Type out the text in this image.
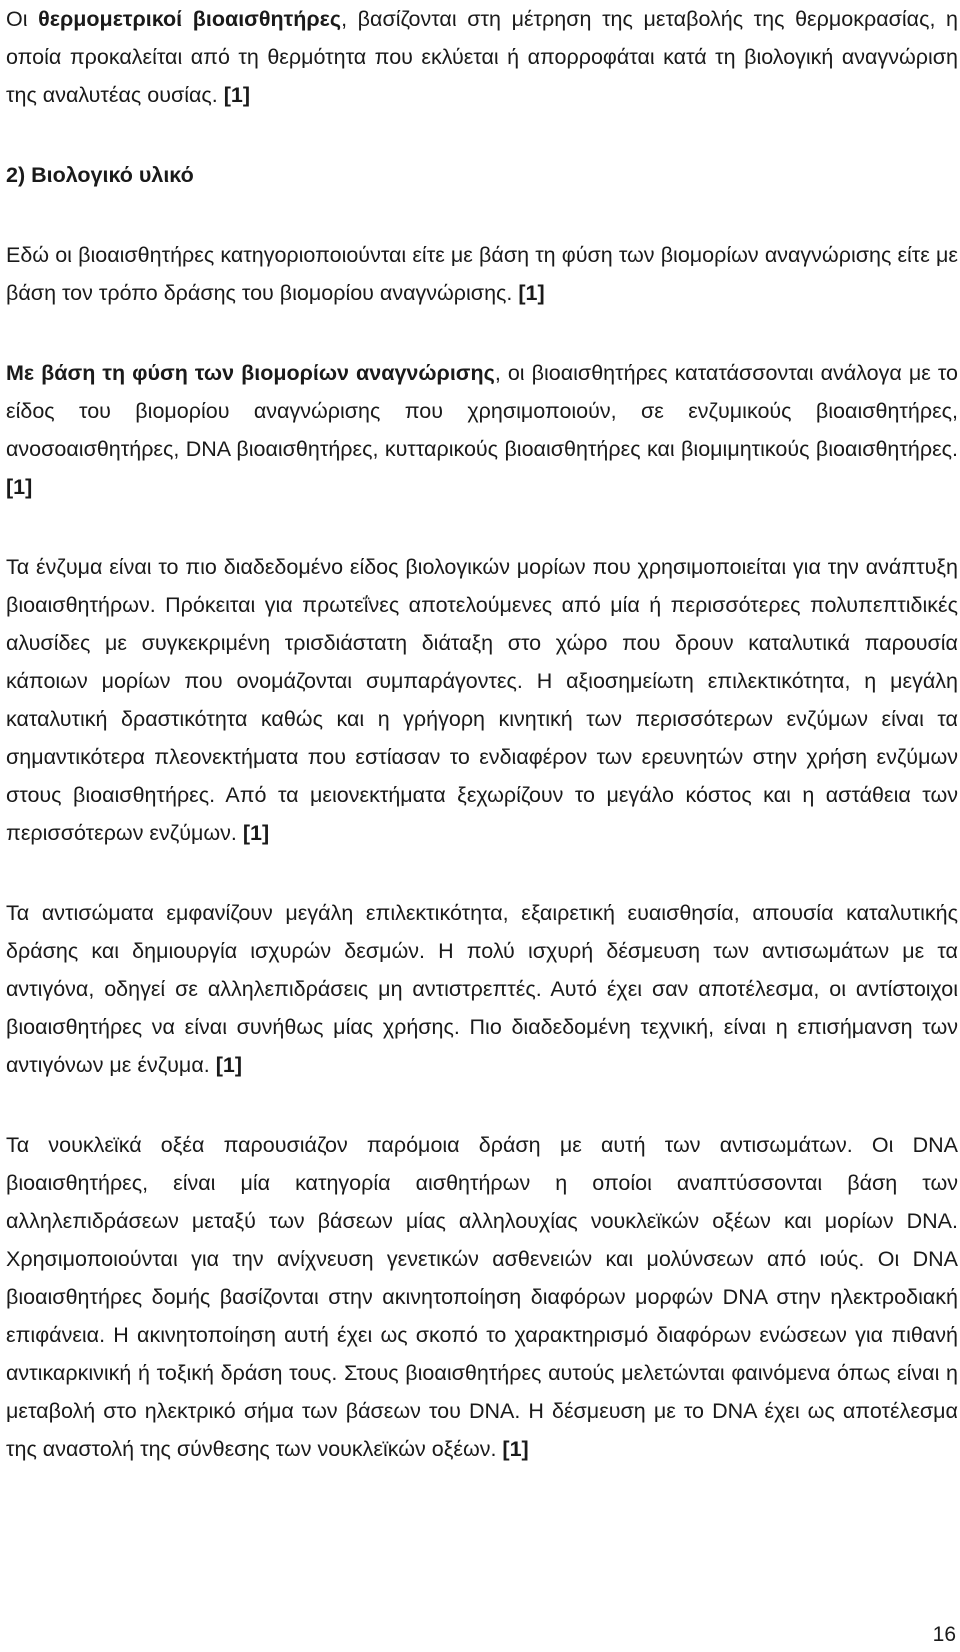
Οι θερμομετρικοί βιοαισθητήρες, βασίζονται στη μέτρηση της μεταβολής της θερμοκρασίας, η οποία προκαλείται από τη θερμότητα που εκλύεται ή απορροφάται κατά τη βιολογική αναγνώριση της αναλυτέας ουσίας. [1]

2) Βιολογικό υλικό

Εδώ οι βιοαισθητήρες κατηγοριοποιούνται είτε με βάση τη φύση των βιομορίων αναγνώρισης είτε με βάση τον τρόπο δράσης του βιομορίου αναγνώρισης. [1]

Με βάση τη φύση των βιομορίων αναγνώρισης, οι βιοαισθητήρες κατατάσσονται ανάλογα με το είδος του βιομορίου αναγνώρισης που χρησιμοποιούν, σε ενζυμικούς βιοαισθητήρες, ανοσοαισθητήρες, DNA βιοαισθητήρες, κυτταρικούς βιοαισθητήρες και βιομιμητικούς βιοαισθητήρες. [1]

Τα ένζυμα είναι το πιο διαδεδομένο είδος βιολογικών μορίων που χρησιμοποιείται για την ανάπτυξη βιοαισθητήρων. Πρόκειται για πρωτεΐνες αποτελούμενες από μία ή περισσότερες πολυπεπτιδικές αλυσίδες με συγκεκριμένη τρισδιάστατη διάταξη στο χώρο που δρουν καταλυτικά παρουσία κάποιων μορίων που ονομάζονται συμπαράγοντες. Η αξιοσημείωτη επιλεκτικότητα, η μεγάλη καταλυτική δραστικότητα καθώς και η γρήγορη κινητική των περισσότερων ενζύμων είναι τα σημαντικότερα πλεονεκτήματα που εστίασαν το ενδιαφέρον των ερευνητών στην χρήση ενζύμων στους βιοαισθητήρες. Από τα μειονεκτήματα ξεχωρίζουν το μεγάλο κόστος και η αστάθεια των περισσότερων ενζύμων. [1]

Τα αντισώματα εμφανίζουν μεγάλη επιλεκτικότητα, εξαιρετική ευαισθησία, απουσία καταλυτικής δράσης και δημιουργία ισχυρών δεσμών. Η πολύ ισχυρή δέσμευση των αντισωμάτων με τα αντιγόνα, οδηγεί σε αλληλεπιδράσεις μη αντιστρεπτές. Αυτό έχει σαν αποτέλεσμα, οι αντίστοιχοι βιοαισθητήρες να είναι συνήθως μίας χρήσης. Πιο διαδεδομένη τεχνική, είναι η επισήμανση των αντιγόνων με ένζυμα. [1]

Τα νουκλεϊκά οξέα παρουσιάζον παρόμοια δράση με αυτή των αντισωμάτων. Οι DNA βιοαισθητήρες, είναι μία κατηγορία αισθητήρων η οποίοι αναπτύσσονται βάση των αλληλεπιδράσεων μεταξύ των βάσεων μίας αλληλουχίας νουκλεϊκών οξέων και μορίων DNA. Χρησιμοποιούνται για την ανίχνευση γενετικών ασθενειών και μολύνσεων από ιούς. Οι DNA βιοαισθητήρες δομής βασίζονται στην ακινητοποίηση διαφόρων μορφών DNA στην ηλεκτροδιακή επιφάνεια. Η ακινητοποίηση αυτή έχει ως σκοπό το χαρακτηρισμό διαφόρων ενώσεων για πιθανή αντικαρκινική ή τοξική δράση τους. Στους βιοαισθητήρες αυτούς μελετώνται φαινόμενα όπως είναι η μεταβολή στο ηλεκτρικό σήμα των βάσεων του DNA. Η δέσμευση με το DNA έχει ως αποτέλεσμα της αναστολή της σύνθεσης των νουκλεϊκών οξέων. [1]

16
